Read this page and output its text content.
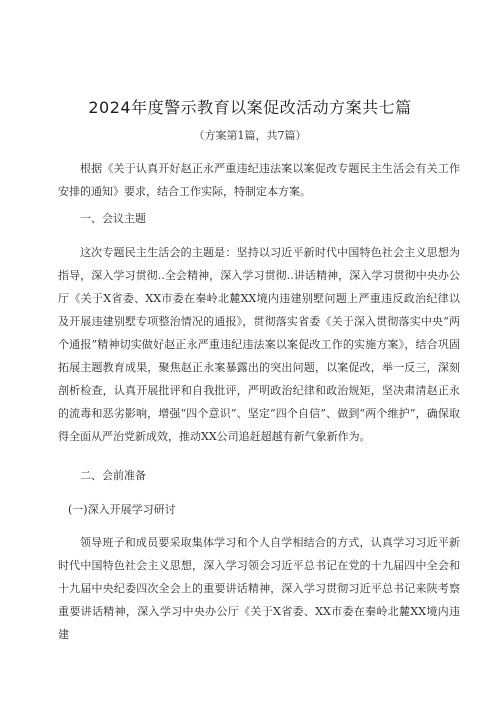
2024年度警示教育以案促改活动方案共七篇

（方案第1篇，共7篇）

根据《关于认真开好赵正永严重违纪违法案以案促改专题民主生活会有关工作安排的通知》要求，结合工作实际，特制定本方案。

一、会议主题

这次专题民主生活会的主题是：坚持以习近平新时代中国特色社会主义思想为指导，深入学习贯彻..全会精神，深入学习贯彻..讲话精神，深入学习贯彻中央办公厅《关于X省委、XX市委在秦岭北麓XX境内违建别墅问题上严重违反政治纪律以及开展违建别墅专项整治情况的通报》，贯彻落实省委《关于深入贯彻落实中央“两个通报”精神切实做好赵正永严重违纪违法案以案促改工作的实施方案》，结合巩固拓展主题教育成果，聚焦赵正永案暴露出的突出问题，以案促改，举一反三，深刻剖析检查，认真开展批评和自我批评，严明政治纪律和政治规矩，坚决肃清赵正永的流毒和恶劣影响，增强“四个意识”、坚定“四个自信”、做到“两个维护”，确保取得全面从严治党新成效，推动XX公司追赶超越有新气象新作为。

二、会前准备

(一)深入开展学习研讨

领导班子和成员要采取集体学习和个人自学相结合的方式，认真学习习近平新时代中国特色社会主义思想，深入学习领会习近平总书记在党的十九届四中全会和十九届中央纪委四次全会上的重要讲话精神，深入学习贯彻习近平总书记来陕考察重要讲话精神，深入学习中央办公厅《关于X省委、XX市委在秦岭北麓XX境内违建
